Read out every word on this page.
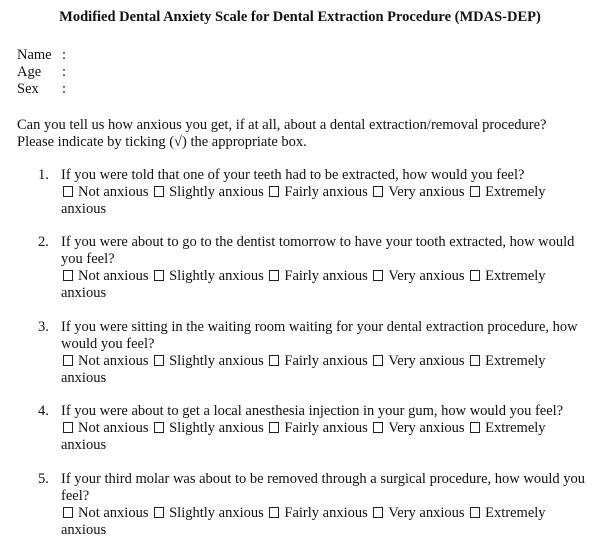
Modified Dental Anxiety Scale for Dental Extraction Procedure (MDAS-DEP)
Name :
Age	:
Sex	:
Can you tell us how anxious you get, if at all, about a dental extraction/removal procedure?
Please indicate by ticking (√) the appropriate box.
1. If you were told that one of your teeth had to be extracted, how would you feel?
Not anxious Slightly anxious Fairly anxious Very anxious Extremely anxious
2. If you were about to go to the dentist tomorrow to have your tooth extracted, how would you feel?
Not anxious Slightly anxious Fairly anxious Very anxious Extremely anxious
3. If you were sitting in the waiting room waiting for your dental extraction procedure, how would you feel?
Not anxious Slightly anxious Fairly anxious Very anxious Extremely anxious
4. If you were about to get a local anesthesia injection in your gum, how would you feel?
Not anxious Slightly anxious Fairly anxious Very anxious Extremely anxious
5. If your third molar was about to be removed through a surgical procedure, how would you feel?
Not anxious Slightly anxious Fairly anxious Very anxious Extremely anxious
